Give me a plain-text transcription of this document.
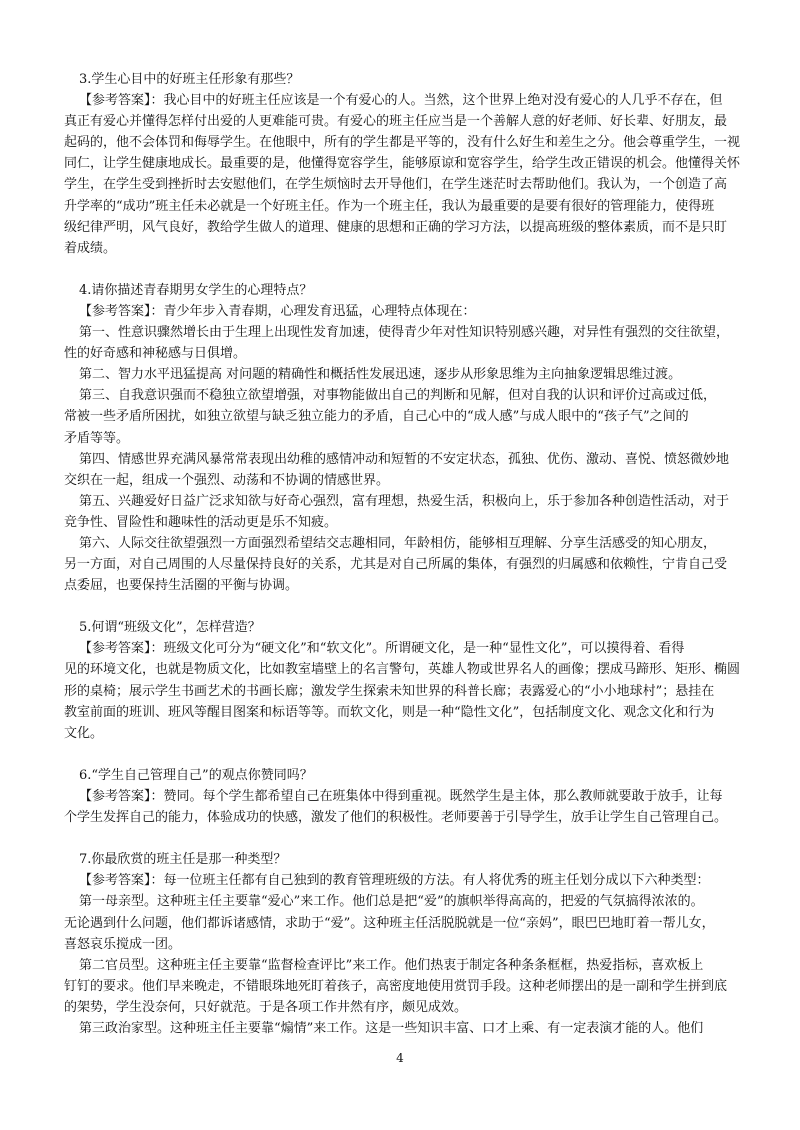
3.学生心目中的好班主任形象有那些？
【参考答案】：我心目中的好班主任应该是一个有爱心的人。当然，这个世界上绝对没有爱心的人几乎不存在，但
真正有爱心并懂得怎样付出爱的人更难能可贵。有爱心的班主任应当是一个善解人意的好老师、好长辈、好朋友，最
起码的，他不会体罚和侮辱学生。在他眼中，所有的学生都是平等的，没有什么好生和差生之分。他会尊重学生，一视
同仁，让学生健康地成长。最重要的是，他懂得宽容学生，能够原谅和宽容学生，给学生改正错误的机会。他懂得关怀
学生，在学生受到挫折时去安慰他们，在学生烦恼时去开导他们，在学生迷茫时去帮助他们。我认为，一个创造了高
升学率的“成功”班主任未必就是一个好班主任。作为一个班主任，我认为最重要的是要有很好的管理能力，使得班
级纪律严明，风气良好，教给学生做人的道理、健康的思想和正确的学习方法，以提高班级的整体素质，而不是只盯
着成绩。
4.请你描述青春期男女学生的心理特点？
【参考答案】：青少年步入青春期，心理发育迅猛，心理特点体现在：
第一、性意识骤然增长由于生理上出现性发育加速，使得青少年对性知识特别感兴趣，对异性有强烈的交往欲望，
性的好奇感和神秘感与日俱增。
第二、智力水平迅猛提高 对问题的精确性和概括性发展迅速，逐步从形象思维为主向抽象逻辑思维过渡。
第三、自我意识强而不稳独立欲望增强，对事物能做出自己的判断和见解，但对自我的认识和评价过高或过低，
常被一些矛盾所困扰，如独立欲望与缺乏独立能力的矛盾，自己心中的“成人感”与成人眼中的“孩子气”之间的
矛盾等等。
第四、情感世界充满风暴常常表现出幼稚的感情冲动和短暂的不安定状态，孤独、优伤、激动、喜悦、愤怒微妙地
交织在一起，组成一个强烈、动荡和不协调的情感世界。
第五、兴趣爱好日益广泛求知欲与好奇心强烈，富有理想，热爱生活，积极向上，乐于参加各种创造性活动，对于
竞争性、冒险性和趣味性的活动更是乐不知疲。
第六、人际交往欲望强烈一方面强烈希望结交志趣相同，年龄相仿，能够相互理解、分享生活感受的知心朋友，
另一方面，对自己周围的人尽量保持良好的关系，尤其是对自己所属的集体，有强烈的归属感和依赖性，宁肯自己受
点委屈，也要保持生活圈的平衡与协调。
5.何谓“班级文化”，怎样营造？
【参考答案】：班级文化可分为“硬文化”和“软文化”。所谓硬文化，是一种“显性文化”，可以摸得着、看得
见的环境文化，也就是物质文化，比如教室墙壁上的名言警句，英雄人物或世界名人的画像；摆成马蹄形、矩形、椭圆
形的桌椅；展示学生书画艺术的书画长廊；激发学生探索未知世界的科普长廊；表露爱心的“小小地球村”；悬挂在
教室前面的班训、班风等醒目图案和标语等等。而软文化，则是一种“隐性文化”，包括制度文化、观念文化和行为
文化。
6.“学生自己管理自己”的观点你赞同吗？
【参考答案】：赞同。每个学生都希望自己在班集体中得到重视。既然学生是主体，那么教师就要敢于放手，让每
个学生发挥自己的能力，体验成功的快感，激发了他们的积极性。老师要善于引导学生，放手让学生自己管理自己。
7.你最欣赏的班主任是那一种类型？
【参考答案】：每一位班主任都有自己独到的教育管理班级的方法。有人将优秀的班主任划分成以下六种类型：
第一母亲型。这种班主任主要靠“爱心”来工作。他们总是把“爱”的旗帜举得高高的，把爱的气氛搞得浓浓的。
无论遇到什么问题，他们都诉诸感情，求助于“爱”。这种班主任活脱脱就是一位“亲妈”，眼巴巴地盯着一帮儿女，
喜怒哀乐搅成一团。
第二官员型。这种班主任主要靠“监督检查评比”来工作。他们热衷于制定各种条条框框，热爱指标，喜欢板上
钉钉的要求。他们早来晚走，不错眼珠地死盯着孩子，高密度地使用赏罚手段。这种老师摆出的是一副和学生拼到底
的架势，学生没奈何，只好就范。于是各项工作井然有序，颇见成效。
第三政治家型。这种班主任主要靠“煽情”来工作。这是一些知识丰富、口才上乘、有一定表演才能的人。他们
4
